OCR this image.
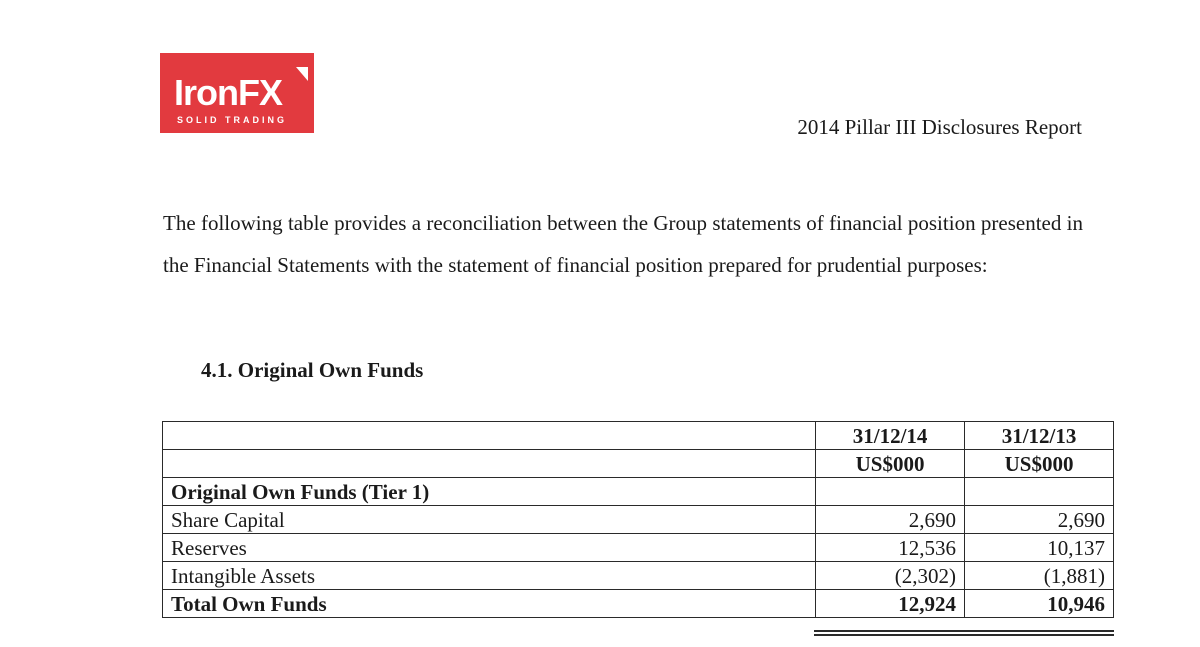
IronFX
SOLID TRADING	2014 Pillar III Disclosures Report

The following table provides a reconciliation between the Group statements of financial position presented in the Financial Statements with the statement of financial position prepared for prudential purposes:

4.1. Original Own Funds
	31/12/14	31/12/13
	US$000	US$000
Original Own Funds (Tier 1)		
Share Capital	2,690	2,690
Reserves	12,536	10,137
Intangible Assets	(2,302)	(1,881)
Total Own Funds	12,924	10,946
